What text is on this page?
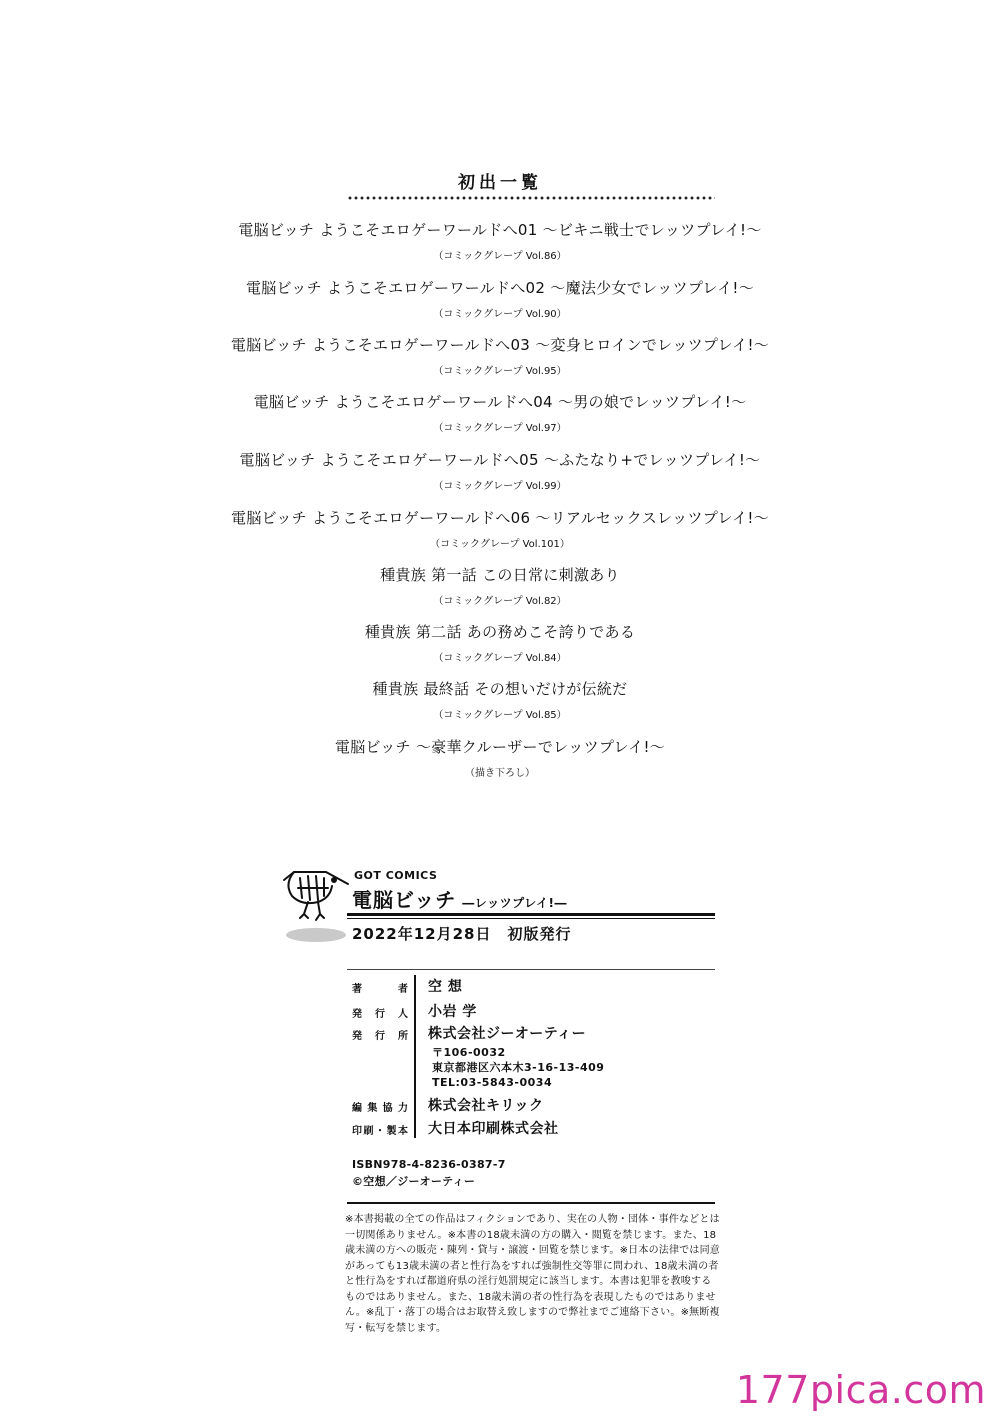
初出一覧
電脳ビッチ ようこそエロゲーワールドへ01 ～ビキニ戦士でレッツプレイ!～
（コミックグレープ Vol.86）
電脳ビッチ ようこそエロゲーワールドへ02 ～魔法少女でレッツプレイ!～
（コミックグレープ Vol.90）
電脳ビッチ ようこそエロゲーワールドへ03 ～変身ヒロインでレッツプレイ!～
（コミックグレープ Vol.95）
電脳ビッチ ようこそエロゲーワールドへ04 ～男の娘でレッツプレイ!～
（コミックグレープ Vol.97）
電脳ビッチ ようこそエロゲーワールドへ05 ～ふたなり+でレッツプレイ!～
（コミックグレープ Vol.99）
電脳ビッチ ようこそエロゲーワールドへ06 ～リアルセックスレッツプレイ!～
（コミックグレープ Vol.101）
種貴族 第一話 この日常に刺激あり
（コミックグレープ Vol.82）
種貴族 第二話 あの務めこそ誇りである
（コミックグレープ Vol.84）
種貴族 最終話 その想いだけが伝統だ
（コミックグレープ Vol.85）
電脳ビッチ ～豪華クルーザーでレッツプレイ!～
（描き下ろし）
GOT COMICS
電脳ビッチ ―レッツプレイ!―
2022年12月28日　初版発行
著者 空 想
発行人 小岩 学
発行所 株式会社ジーオーティー
〒106-0032
東京都港区六本木3-16-13-409
TEL:03-5843-0034
編集協力 株式会社キリック
印刷・製本 大日本印刷株式会社
ISBN978-4-8236-0387-7
©空想／ジーオーティー
※本書掲載の全ての作品はフィクションであり、実在の人物・団体・事件などとは一切関係ありません。※本書の18歳未満の方の購入・閲覧を禁じます。また、18歳未満の方への販売・陳列・貸与・譲渡・回覧を禁じます。※日本の法律では同意があっても13歳未満の者と性行為をすれば強制性交等罪に問われ、18歳未満の者と性行為をすれば都道府県の淫行処罰規定に該当します。本書は犯罪を教唆するものではありません。また、18歳未満の者の性行為を表現したものではありません。※乱丁・落丁の場合はお取替え致しますので弊社までご連絡下さい。※無断複写・転写を禁じます。
177pica.com
